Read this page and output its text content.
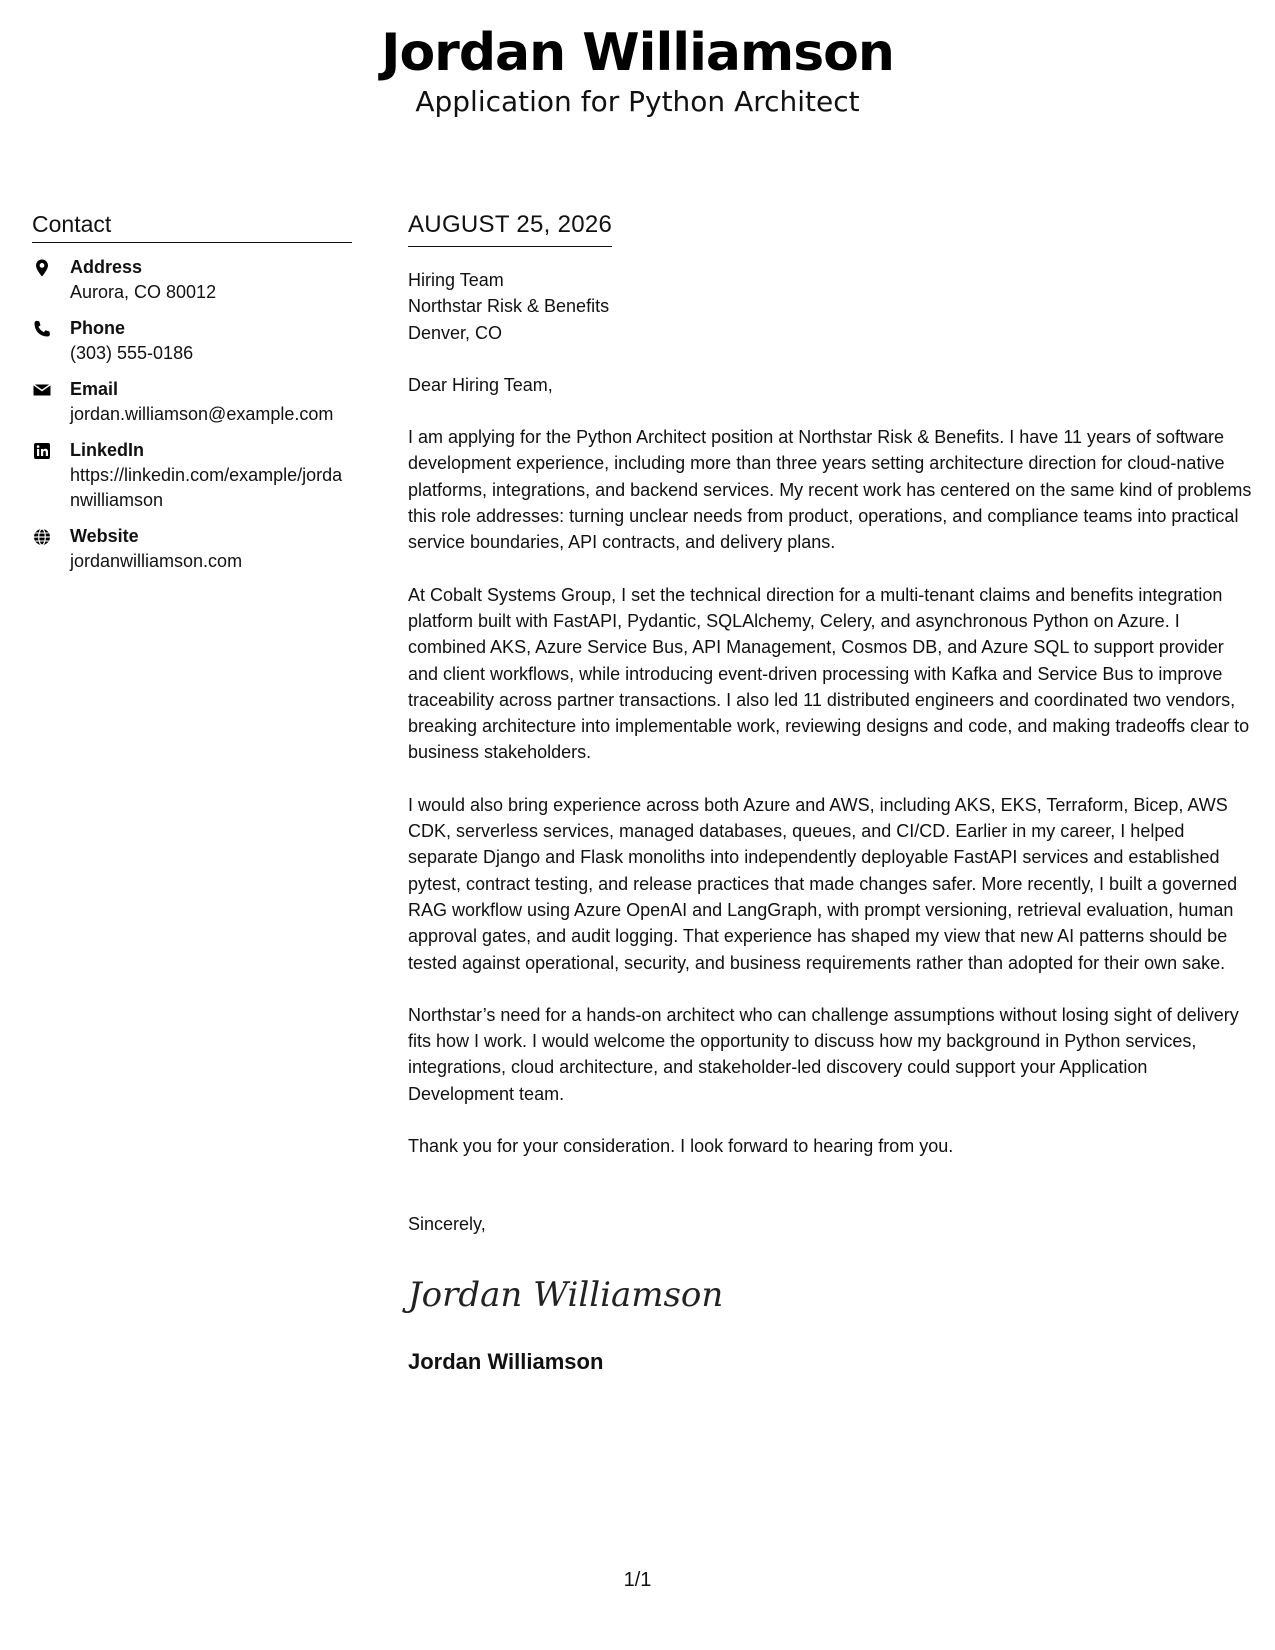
Jordan Williamson
Application for Python Architect
Contact
Address
Aurora, CO 80012
Phone
(303) 555-0186
Email
jordan.williamson@example.com
LinkedIn
https://linkedin.com/example/jordanwilliamson
Website
jordanwilliamson.com
AUGUST 25, 2026
Hiring Team
Northstar Risk & Benefits
Denver, CO
Dear Hiring Team,
I am applying for the Python Architect position at Northstar Risk & Benefits. I have 11 years of software development experience, including more than three years setting architecture direction for cloud-native platforms, integrations, and backend services. My recent work has centered on the same kind of problems this role addresses: turning unclear needs from product, operations, and compliance teams into practical service boundaries, API contracts, and delivery plans.
At Cobalt Systems Group, I set the technical direction for a multi-tenant claims and benefits integration platform built with FastAPI, Pydantic, SQLAlchemy, Celery, and asynchronous Python on Azure. I combined AKS, Azure Service Bus, API Management, Cosmos DB, and Azure SQL to support provider and client workflows, while introducing event-driven processing with Kafka and Service Bus to improve traceability across partner transactions. I also led 11 distributed engineers and coordinated two vendors, breaking architecture into implementable work, reviewing designs and code, and making tradeoffs clear to business stakeholders.
I would also bring experience across both Azure and AWS, including AKS, EKS, Terraform, Bicep, AWS CDK, serverless services, managed databases, queues, and CI/CD. Earlier in my career, I helped separate Django and Flask monoliths into independently deployable FastAPI services and established pytest, contract testing, and release practices that made changes safer. More recently, I built a governed RAG workflow using Azure OpenAI and LangGraph, with prompt versioning, retrieval evaluation, human approval gates, and audit logging. That experience has shaped my view that new AI patterns should be tested against operational, security, and business requirements rather than adopted for their own sake.
Northstar’s need for a hands-on architect who can challenge assumptions without losing sight of delivery fits how I work. I would welcome the opportunity to discuss how my background in Python services, integrations, cloud architecture, and stakeholder-led discovery could support your Application Development team.
Thank you for your consideration. I look forward to hearing from you.
Sincerely,
Jordan Williamson
Jordan Williamson
1/1
